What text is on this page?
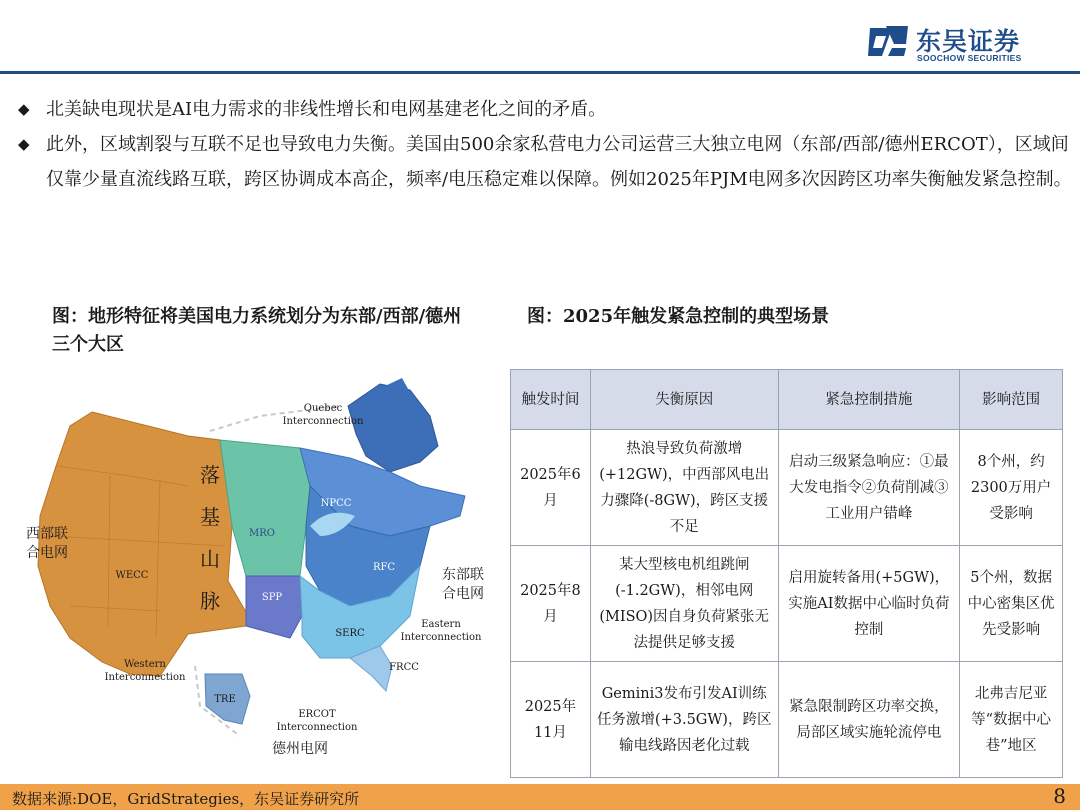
东吴证券
SOOCHOW SECURITIES
◆ 北美缺电现状是AI电力需求的非线性增长和电网基建老化之间的矛盾。
◆ 此外，区域割裂与互联不足也导致电力失衡。美国由500余家私营电力公司运营三大独立电网（东部/西部/德州ERCOT），区域间仅靠少量直流线路互联，跨区协调成本高企，频率/电压稳定难以保障。例如2025年PJM电网多次因跨区功率失衡触发紧急控制。
图：地形特征将美国电力系统划分为东部/西部/德州三个大区
图：2025年触发紧急控制的典型场景
Quebec
Interconnection
NPCC
MRO
RFC
WECC
SPP
SERC
FRCC
TRE
Western
Interconnection
Eastern
Interconnection
ERCOT
Interconnection
西部联
合电网
东部联
合电网
德州电网
落
基
山
脉
触发时间	失衡原因	紧急控制措施	影响范围
2025年6月	热浪导致负荷激增(+12GW)，中西部风电出力骤降(-8GW)，跨区支援不足	启动三级紧急响应：①最大发电指令②负荷削减③工业用户错峰	8个州，约2300万用户受影响
2025年8月	某大型核电机组跳闸(-1.2GW)，相邻电网(MISO)因自身负荷紧张无法提供足够支援	启用旋转备用(+5GW)，实施AI数据中心临时负荷控制	5个州，数据中心密集区优先受影响
2025年11月	Gemini3发布引发AI训练任务激增(+3.5GW)，跨区输电线路因老化过载	紧急限制跨区功率交换，局部区域实施轮流停电	北弗吉尼亚等“数据中心巷”地区
数据来源:DOE，GridStrategies，东吴证券研究所	8
